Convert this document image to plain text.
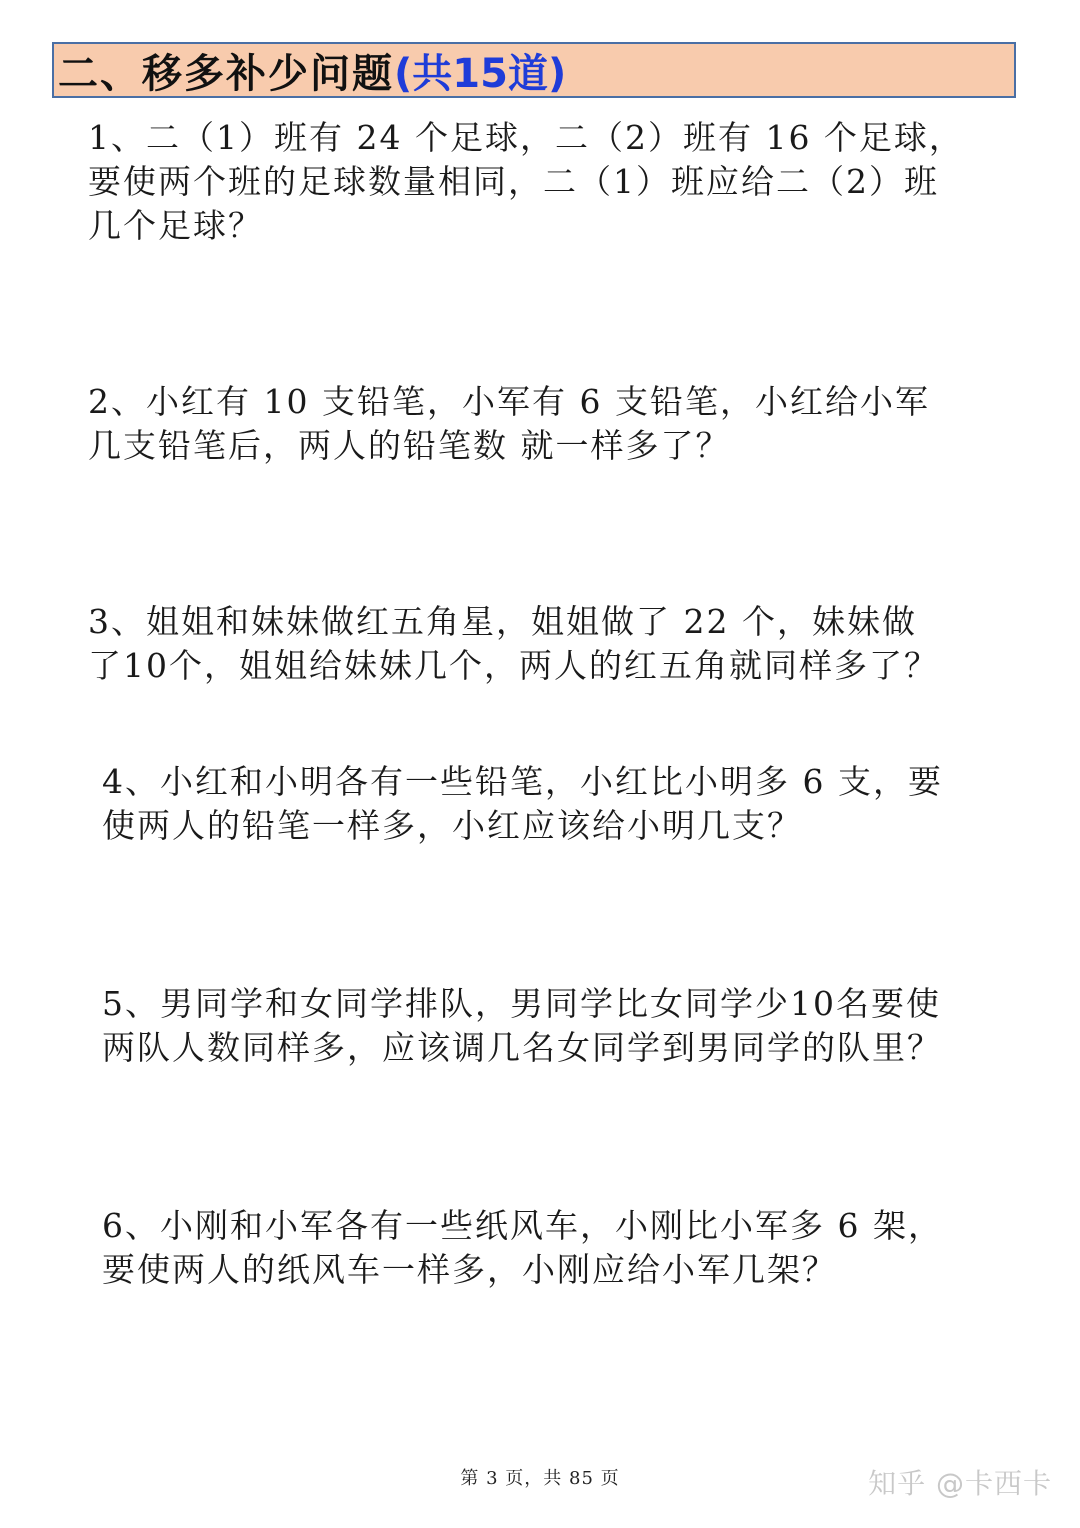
二、移多补少问题 (共15道)
1、二（1）班有 24 个足球，二（2）班有 16 个足球，
要使两个班的足球数量相同，二（1）班应给二（2）班
几个足球？
2、小红有 10 支铅笔，小军有 6 支铅笔，小红给小军
几支铅笔后，两人的铅笔数 就一样多了？
3、姐姐和妹妹做红五角星，姐姐做了 22 个，妹妹做
了10个，姐姐给妹妹几个，两人的红五角就同样多了？
4、小红和小明各有一些铅笔，小红比小明多 6 支，要
使两人的铅笔一样多，小红应该给小明几支？
5、男同学和女同学排队，男同学比女同学少10名要使
两队人数同样多，应该调几名女同学到男同学的队里？
6、小刚和小军各有一些纸风车，小刚比小军多 6 架，
要使两人的纸风车一样多，小刚应给小军几架？
第 3 页，共 85 页	知乎 @卡西卡
